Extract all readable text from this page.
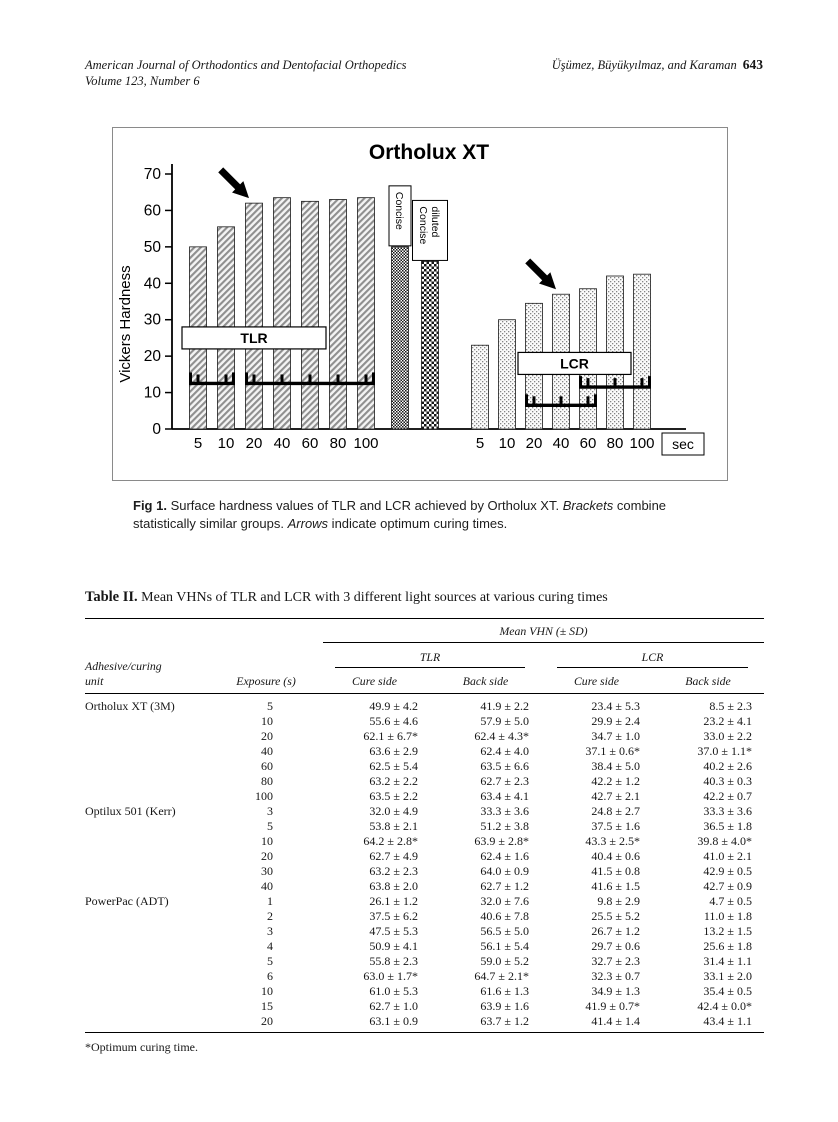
American Journal of Orthodontics and Dentofacial Orthopedics
Volume 123, Number 6
Üşümez, Büyükyılmaz, and Karaman 643
Ortholux XT
Vickers Hardness
0
10
20
30
40
50
60
70
5 10 20 40 60 80 100
Concise Concise diluted
5 10 20 40 60 80 100 sec
TLR
LCR
Fig 1. Surface hardness values of TLR and LCR achieved by Ortholux XT. Brackets combine statistically similar groups. Arrows indicate optimum curing times.

Table II. Mean VHNs of TLR and LCR with 3 different light sources at various curing times

Adhesive/curing unit	Exposure (s)	Mean VHN (± SD)			

		TLR		LCR	

		Cure side	Back side	Cure side	Back side
Ortholux XT (3M)	5	49.9 ± 4.2	41.9 ± 2.2	23.4 ± 5.3	8.5 ± 2.3
	10	55.6 ± 4.6	57.9 ± 5.0	29.9 ± 2.4	23.2 ± 4.1
	20	62.1 ± 6.7*	62.4 ± 4.3*	34.7 ± 1.0	33.0 ± 2.2
	40	63.6 ± 2.9	62.4 ± 4.0	37.1 ± 0.6*	37.0 ± 1.1*
	60	62.5 ± 5.4	63.5 ± 6.6	38.4 ± 5.0	40.2 ± 2.6
	80	63.2 ± 2.2	62.7 ± 2.3	42.2 ± 1.2	40.3 ± 0.3
	100	63.5 ± 2.2	63.4 ± 4.1	42.7 ± 2.1	42.2 ± 0.7
Optilux 501 (Kerr)	3	32.0 ± 4.9	33.3 ± 3.6	24.8 ± 2.7	33.3 ± 3.6
	5	53.8 ± 2.1	51.2 ± 3.8	37.5 ± 1.6	36.5 ± 1.8
	10	64.2 ± 2.8*	63.9 ± 2.8*	43.3 ± 2.5*	39.8 ± 4.0*
	20	62.7 ± 4.9	62.4 ± 1.6	40.4 ± 0.6	41.0 ± 2.1
	30	63.2 ± 2.3	64.0 ± 0.9	41.5 ± 0.8	42.9 ± 0.5
	40	63.8 ± 2.0	62.7 ± 1.2	41.6 ± 1.5	42.7 ± 0.9
PowerPac (ADT)	1	26.1 ± 1.2	32.0 ± 7.6	9.8 ± 2.9	4.7 ± 0.5
	2	37.5 ± 6.2	40.6 ± 7.8	25.5 ± 5.2	11.0 ± 1.8
	3	47.5 ± 5.3	56.5 ± 5.0	26.7 ± 1.2	13.2 ± 1.5
	4	50.9 ± 4.1	56.1 ± 5.4	29.7 ± 0.6	25.6 ± 1.8
	5	55.8 ± 2.3	59.0 ± 5.2	32.7 ± 2.3	31.4 ± 1.1
	6	63.0 ± 1.7*	64.7 ± 2.1*	32.3 ± 0.7	33.1 ± 2.0
	10	61.0 ± 5.3	61.6 ± 1.3	34.9 ± 1.3	35.4 ± 0.5
	15	62.7 ± 1.0	63.9 ± 1.6	41.9 ± 0.7*	42.4 ± 0.0*
	20	63.1 ± 0.9	63.7 ± 1.2	41.4 ± 1.4	43.4 ± 1.1
*Optimum curing time.
